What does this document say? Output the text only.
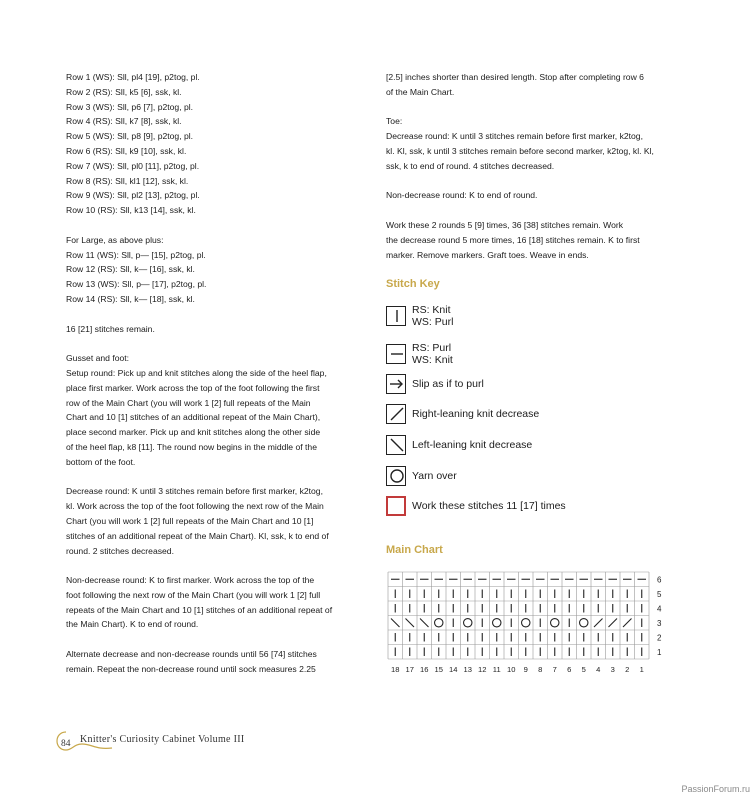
Row 1 (WS): Sll, pl4 [19], p2tog, pl.
Row 2 (RS): Sll, k5 [6], ssk, kl.
Row 3 (WS): Sll, p6 [7], p2tog, pl.
Row 4 (RS): Sll, k7 [8], ssk, kl.
Row 5 (WS): Sll, p8 [9], p2tog, pl.
Row 6 (RS): Sll, k9 [10], ssk, kl.
Row 7 (WS): Sll, pl0 [11], p2tog, pl.
Row 8 (RS): Sll, kl1 [12], ssk, kl.
Row 9 (WS): Sll, pl2 [13], p2tog, pl.
Row 10 (RS): Sll, k13 [14], ssk, kl.
For Large, as above plus:
Row 11 (WS): Sll, p— [15], p2tog, pl.
Row 12 (RS): Sll, k— [16], ssk, kl.
Row 13 (WS): Sll, p— [17], p2tog, pl.
Row 14 (RS): Sll, k— [18], ssk, kl.
16 [21] stitches remain.
Gusset and foot:
Setup round: Pick up and knit stitches along the side of the heel flap,
place first marker. Work across the top of the foot following the first
row of the Main Chart (you will work 1 [2] full repeats of the Main
Chart and 10 [1] stitches of an additional repeat of the Main Chart),
place second marker. Pick up and knit stitches along the other side
of the heel flap, k8 [11]. The round now begins in the middle of the
bottom of the foot.
Decrease round: K until 3 stitches remain before first marker, k2tog,
kl. Work across the top of the foot following the next row of the Main
Chart (you will work 1 [2] full repeats of the Main Chart and 10 [1]
stitches of an additional repeat of the Main Chart). Kl, ssk, k to end of
round. 2 stitches decreased.
Non-decrease round: K to first marker. Work across the top of the
foot following the next row of the Main Chart (you will work 1 [2] full
repeats of the Main Chart and 10 [1] stitches of an additional repeat of
the Main Chart). K to end of round.
Alternate decrease and non-decrease rounds until 56 [74] stitches
remain. Repeat the non-decrease round until sock measures 2.25
[2.5] inches shorter than desired length. Stop after completing row 6
of the Main Chart.
Toe:
Decrease round: K until 3 stitches remain before first marker, k2tog,
kl. Kl, ssk, k until 3 stitches remain before second marker, k2tog, kl. Kl,
ssk, k to end of round. 4 stitches decreased.
Non-decrease round: K to end of round.
Work these 2 rounds 5 [9] times, 36 [38] stitches remain. Work
the decrease round 5 more times, 16 [18] stitches remain. K to first
marker. Remove markers. Graft toes. Weave in ends.
Stitch Key
RS: Knit
WS: Purl
RS: Purl
WS: Knit
Slip as if to purl
Right-leaning knit decrease
Left-leaning knit decrease
Yarn over
Work these stitches 11 [17] times
Main Chart
6
5
4
3
2
1
18 17 16 15 14 13 12 11 10 9 8 7 6 5 4 3 2 1
84 Knitter's Curiosity Cabinet Volume III
PassionForum.ru
